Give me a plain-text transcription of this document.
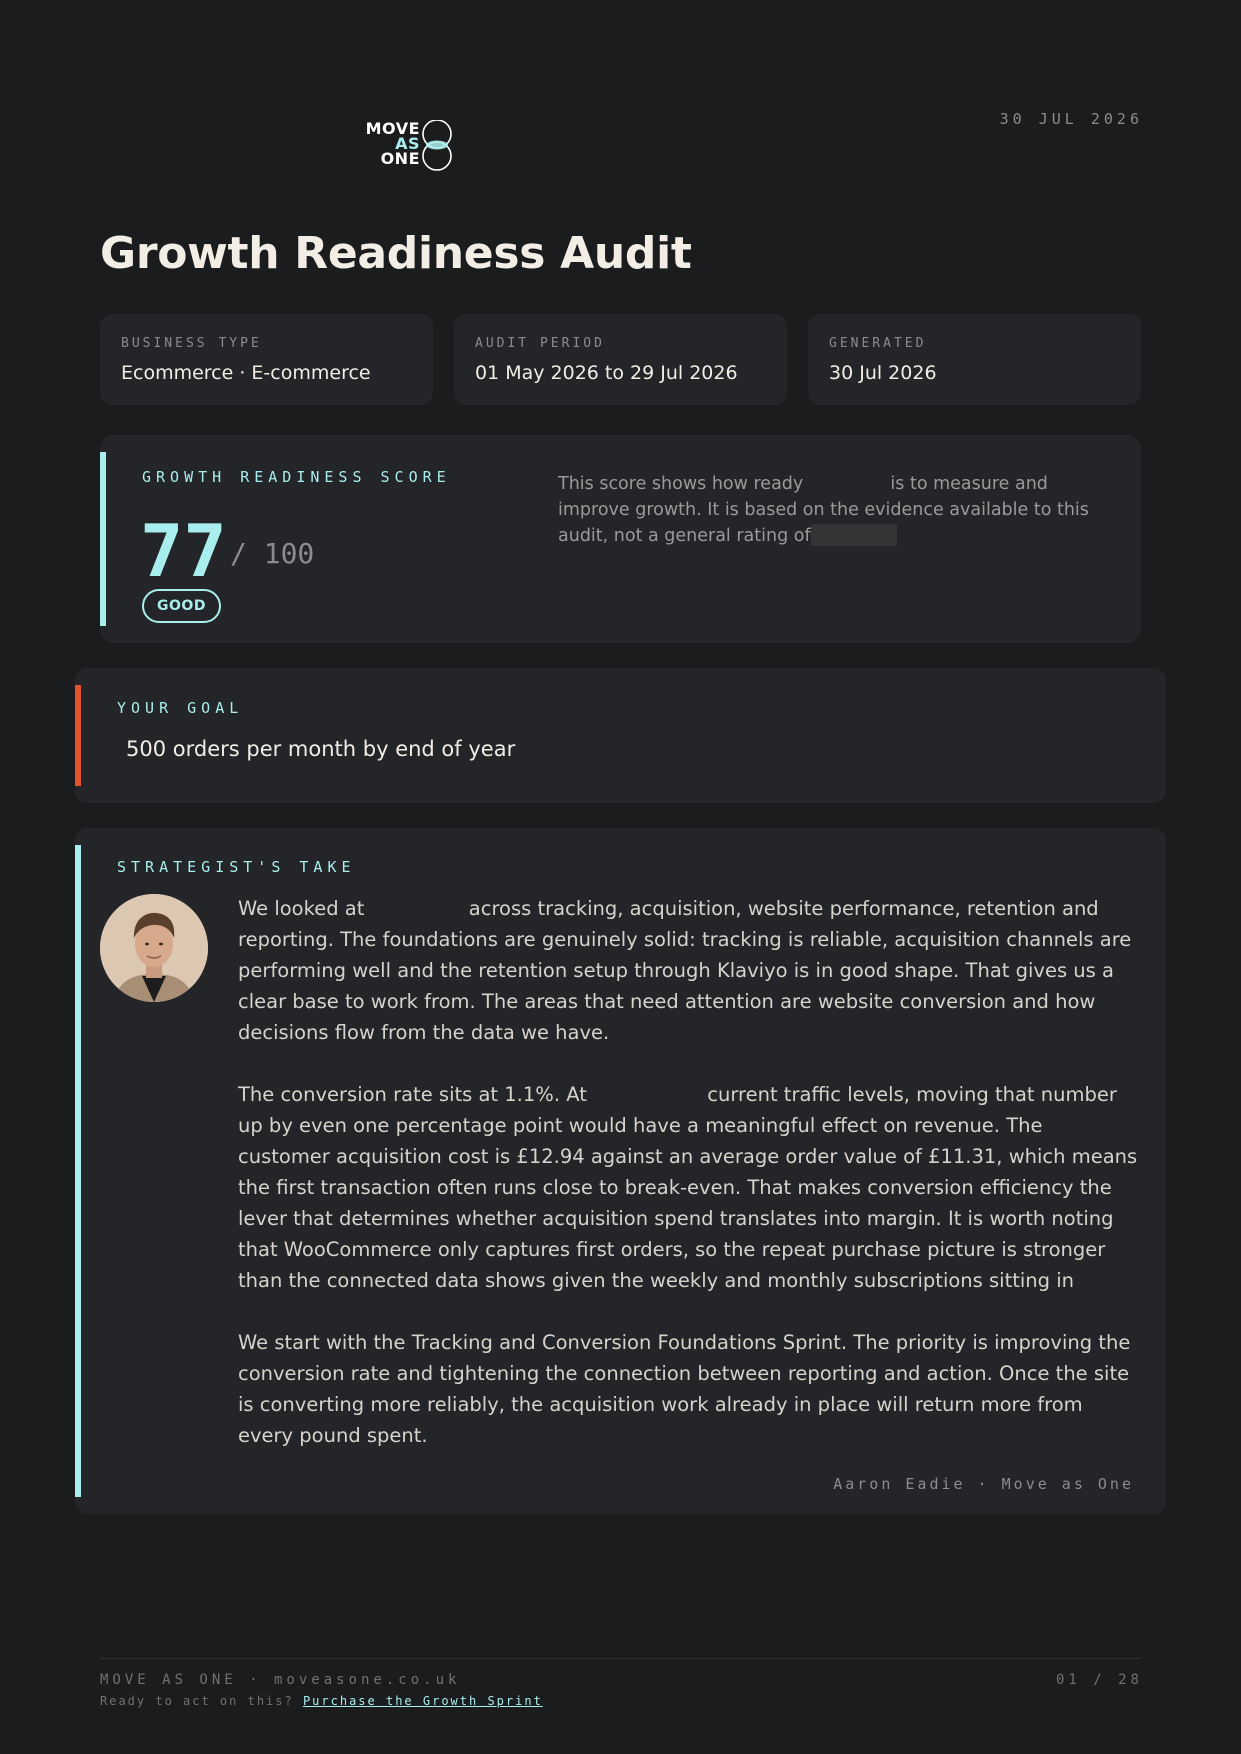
30 JUL 2026
MOVE
AS
ONE
Growth Readiness Audit
BUSINESS TYPE
Ecommerce · E-commerce
AUDIT PERIOD
01 May 2026 to 29 Jul 2026
GENERATED
30 Jul 2026
GROWTH READINESS SCORE
77 / 100
GOOD
This score shows how ready	is to measure and improve growth. It is based on the evidence available to this audit, not a general rating of
YOUR GOAL
500 orders per month by end of year
STRATEGIST'S TAKE

We looked at	across tracking, acquisition, website performance, retention and reporting. The foundations are genuinely solid: tracking is reliable, acquisition channels are performing well and the retention setup through Klaviyo is in good shape. That gives us a clear base to work from. The areas that need attention are website conversion and how decisions flow from the data we have.

The conversion rate sits at 1.1%. At	current traffic levels, moving that number up by even one percentage point would have a meaningful effect on revenue. The customer acquisition cost is £12.94 against an average order value of £11.31, which means the first transaction often runs close to break-even. That makes conversion efficiency the lever that determines whether acquisition spend translates into margin. It is worth noting that WooCommerce only captures first orders, so the repeat purchase picture is stronger than the connected data shows given the weekly and monthly subscriptions sitting in

We start with the Tracking and Conversion Foundations Sprint. The priority is improving the conversion rate and tightening the connection between reporting and action. Once the site is converting more reliably, the acquisition work already in place will return more from every pound spent.

Aaron Eadie · Move as One
MOVE AS ONE · moveasone.co.uk
Ready to act on this? Purchase the Growth Sprint
01 / 28
